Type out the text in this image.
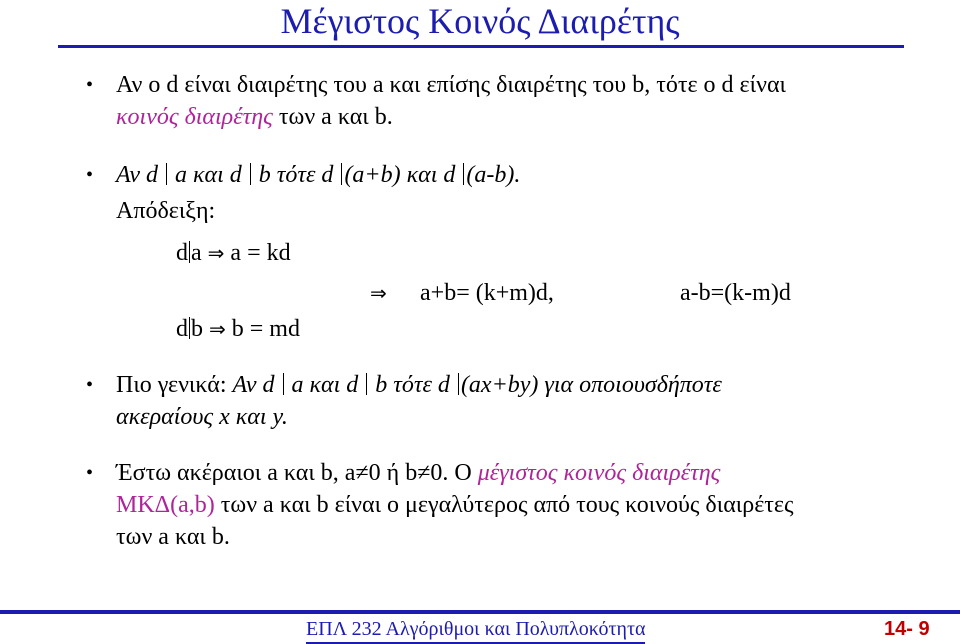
Μέγιστος Κοινός Διαιρέτης
• Αν o d είναι διαιρέτης του a και επίσης διαιρέτης του b, τότε o d είναι
κοινός διαιρέτης των a και b.
• Αν d a και d b τότε d (a+b) και d (a-b).
Απόδειξη:
d a ⇒ a = kd
⇒ a+b= (k+m)d,	a-b=(k-m)d
d b ⇒ b = md
• Πιο γενικά: Αν d a και d b τότε d (ax+by) για οποιουσδήποτε
ακεραίους x και y.
• Έστω ακέραιοι a και b, a≠0 ή b≠0. O μέγιστος κοινός διαιρέτης
ΜΚΔ(a,b) των a και b είναι o μεγαλύτερος από τους κοινούς διαιρέτες
των a και b.
ΕΠΛ 232 Αλγόριθμοι και Πολυπλοκότητα	14- 9
